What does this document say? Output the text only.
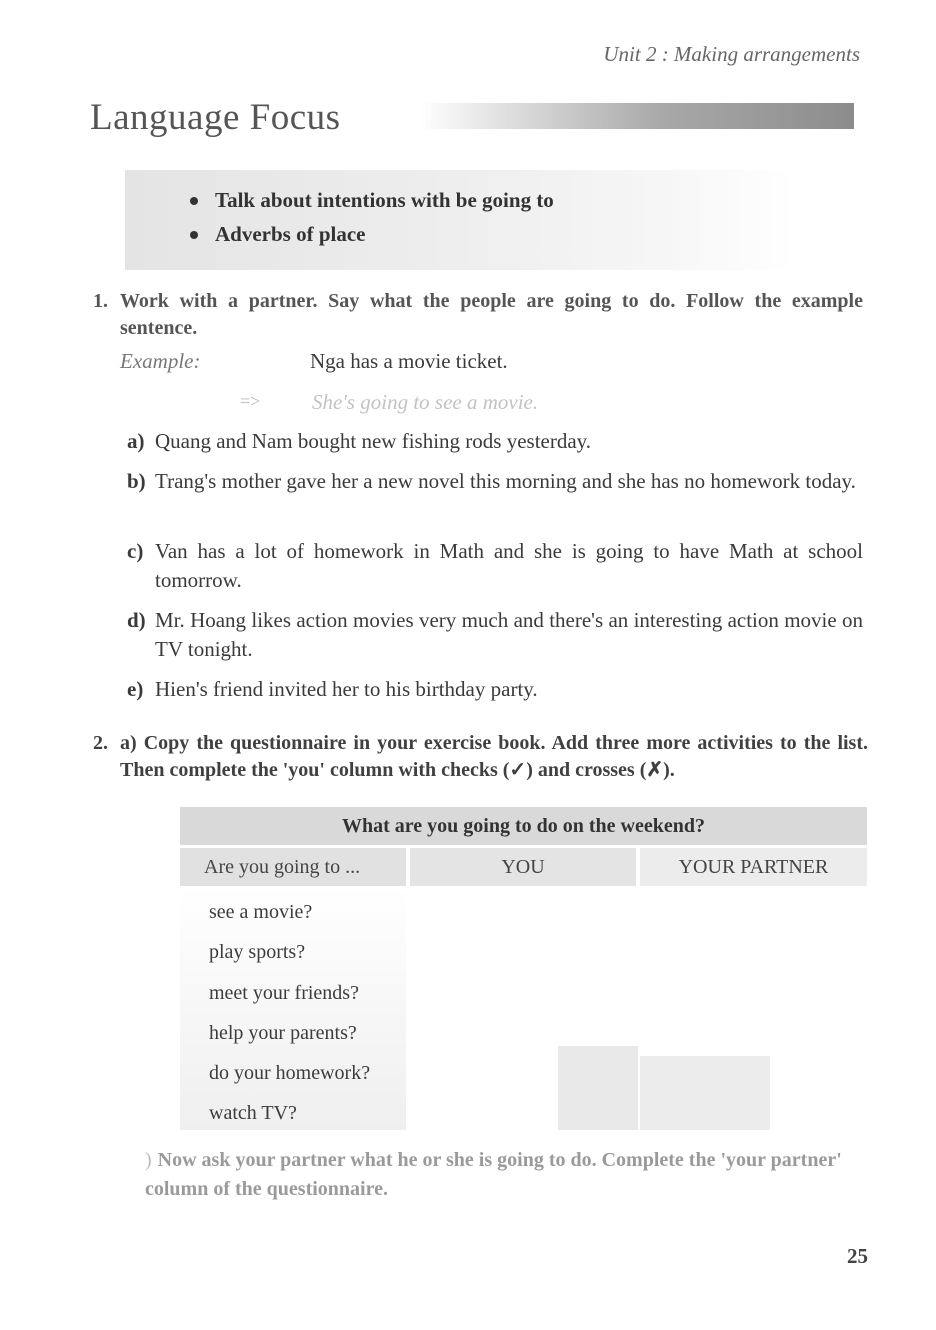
Unit 2 : Making arrangements
Language Focus
Talk about intentions with be going to
Adverbs of place
1. Work with a partner. Say what the people are going to do. Follow the example sentence.
Example:	Nga has a movie ticket.
=> She's going to see a movie.
a) Quang and Nam bought new fishing rods yesterday.
b) Trang's mother gave her a new novel this morning and she has no homework today.
c) Van has a lot of homework in Math and she is going to have Math at school tomorrow.
d) Mr. Hoang likes action movies very much and there's an interesting action movie on TV tonight.
e) Hien's friend invited her to his birthday party.
2. a) Copy the questionnaire in your exercise book. Add three more activities to the list. Then complete the 'you' column with checks (✓) and crosses (✗).
What are you going to do on the weekend?
Are you going to ...	YOU	YOUR PARTNER
see a movie?
play sports?
meet your friends?
help your parents?
do your homework?
watch TV?
) Now ask your partner what he or she is going to do. Complete the 'your partner' column of the questionnaire.
25
